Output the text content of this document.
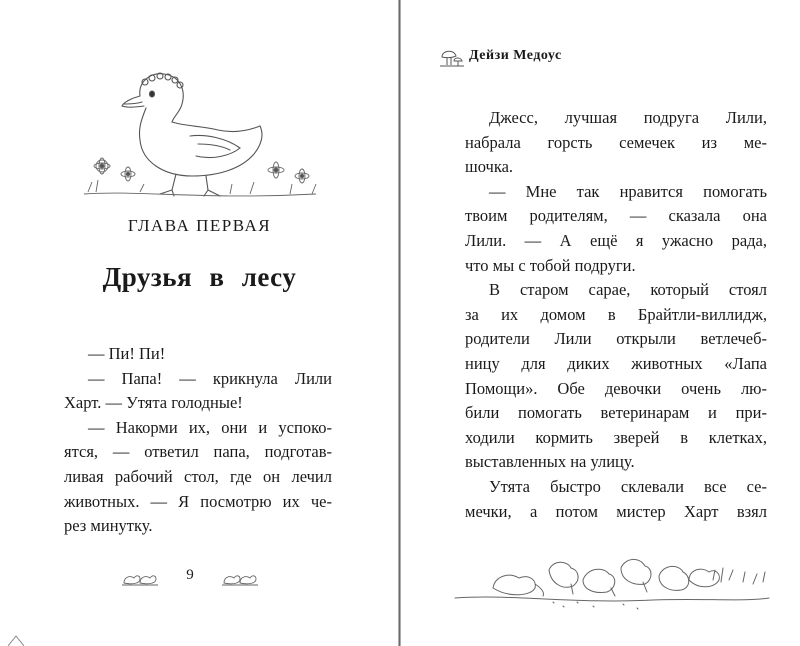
ГЛАВА ПЕРВАЯ
Друзья в лесу
— Пи! Пи!
— Папа! — крикнула Лили
Харт. — Утята голодные!
— Накорми их, они и успоко-
ятся, — ответил папа, подготав-
ливая рабочий стол, где он лечил
животных. — Я посмотрю их че-
рез минутку.
9
Дейзи Медоус
Джесс, лучшая подруга Лили,
набрала горсть семечек из ме-
шочка.
— Мне так нравится помогать
твоим родителям, — сказала она
Лили. — А ещё я ужасно рада,
что мы с тобой подруги.
В старом сарае, который стоял
за их домом в Брайтли-виллидж,
родители Лили открыли ветлечеб-
ницу для диких животных «Лапа
Помощи». Обе девочки очень лю-
били помогать ветеринарам и при-
ходили кормить зверей в клетках,
выставленных на улицу.
Утята быстро склевали все се-
мечки, а потом мистер Харт взял
